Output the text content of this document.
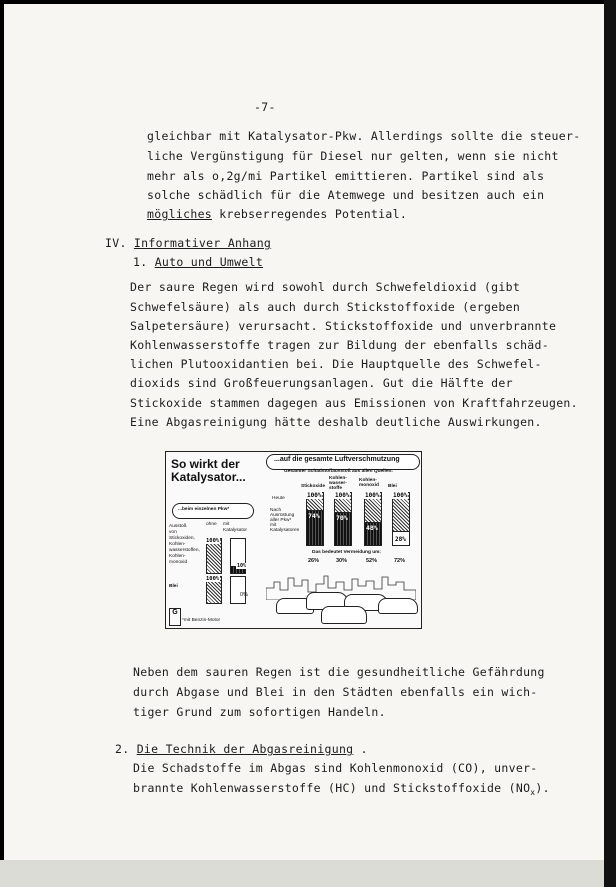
-7-
gleichbar mit Katalysator-Pkw. Allerdings sollte die steuer-
liche Vergünstigung für Diesel nur gelten, wenn sie nicht
mehr als o,2g/mi Partikel emittieren. Partikel sind als
solche schädlich für die Atemwege und besitzen auch ein
mögliches krebserregendes Potential.
IV. Informativer Anhang
1. Auto und Umwelt
Der saure Regen wird sowohl durch Schwefeldioxid (gibt
Schwefelsäure) als auch durch Stickstoffoxide (ergeben
Salpetersäure) verursacht. Stickstoffoxide und unverbrannte
Kohlenwasserstoffe tragen zur Bildung der ebenfalls schäd-
lichen Plutooxidantien bei. Die Hauptquelle des Schwefel-
dioxids sind Großfeuerungsanlagen. Gut die Hälfte der
Stickoxide stammen dagegen aus Emissionen von Kraftfahrzeugen.
Eine Abgasreinigung hätte deshalb deutliche Auswirkungen.
So wirkt der Katalysator...
...beim einzelnen Pkw*
ohne mit
Katalysator
Ausstoß
von
Stickoxiden,
Kohlen-
wasserstoffen,
Kohlen-
monoxid
Blei
100%
10%
100%
0%
...auf die gesamte Luftverschmutzung
Gesamter Schadstoffausstoß aus allen Quellen:
Stickoxide
Kohlen-wasser-stoffe
Kohlen-monoxid	Blei
Heute
Nach
Ausrüstung
aller Pkw*
mit
Katalysatoren
100% 100%	100% 100%
74%	70%
48%
28%
Das bedeutet Vermeidung um:
26%	30%	52%	72%
G
*mit Benzin-Motor
Neben dem sauren Regen ist die gesundheitliche Gefährdung
durch Abgase und Blei in den Städten ebenfalls ein wich-
tiger Grund zum sofortigen Handeln.
2. Die Technik der Abgasreinigung .
Die Schadstoffe im Abgas sind Kohlenmonoxid (CO), unver-
brannte Kohlenwasserstoffe (HC) und Stickstoffoxide $(NO_x)$.
